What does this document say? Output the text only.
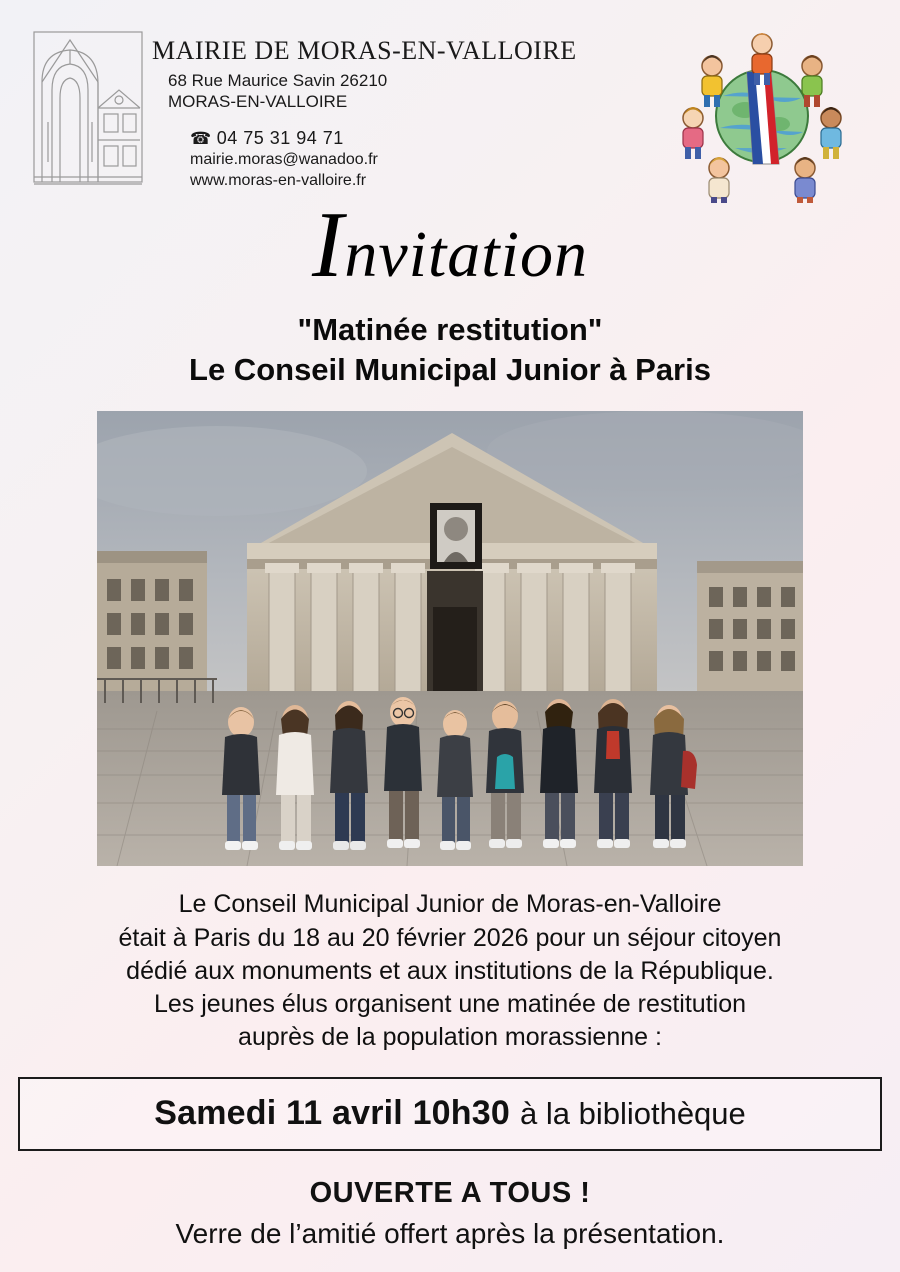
MAIRIE DE MORAS-EN-VALLOIRE
68 Rue Maurice Savin 26210
MORAS-EN-VALLOIRE
☎ 04 75 31 94 71
mairie.moras@wanadoo.fr
www.moras-en-valloire.fr
Invitation
"Matinée restitution"
Le Conseil Municipal Junior à Paris
Le Conseil Municipal Junior de Moras-en-Valloire
était à Paris du 18 au 20 février 2026 pour un séjour citoyen
dédié aux monuments et aux institutions de la République.
Les jeunes élus organisent une matinée de restitution
auprès de la population morassienne :
Samedi 11 avril 10h30 à la bibliothèque
OUVERTE A TOUS !
Verre de l’amitié offert après la présentation.
